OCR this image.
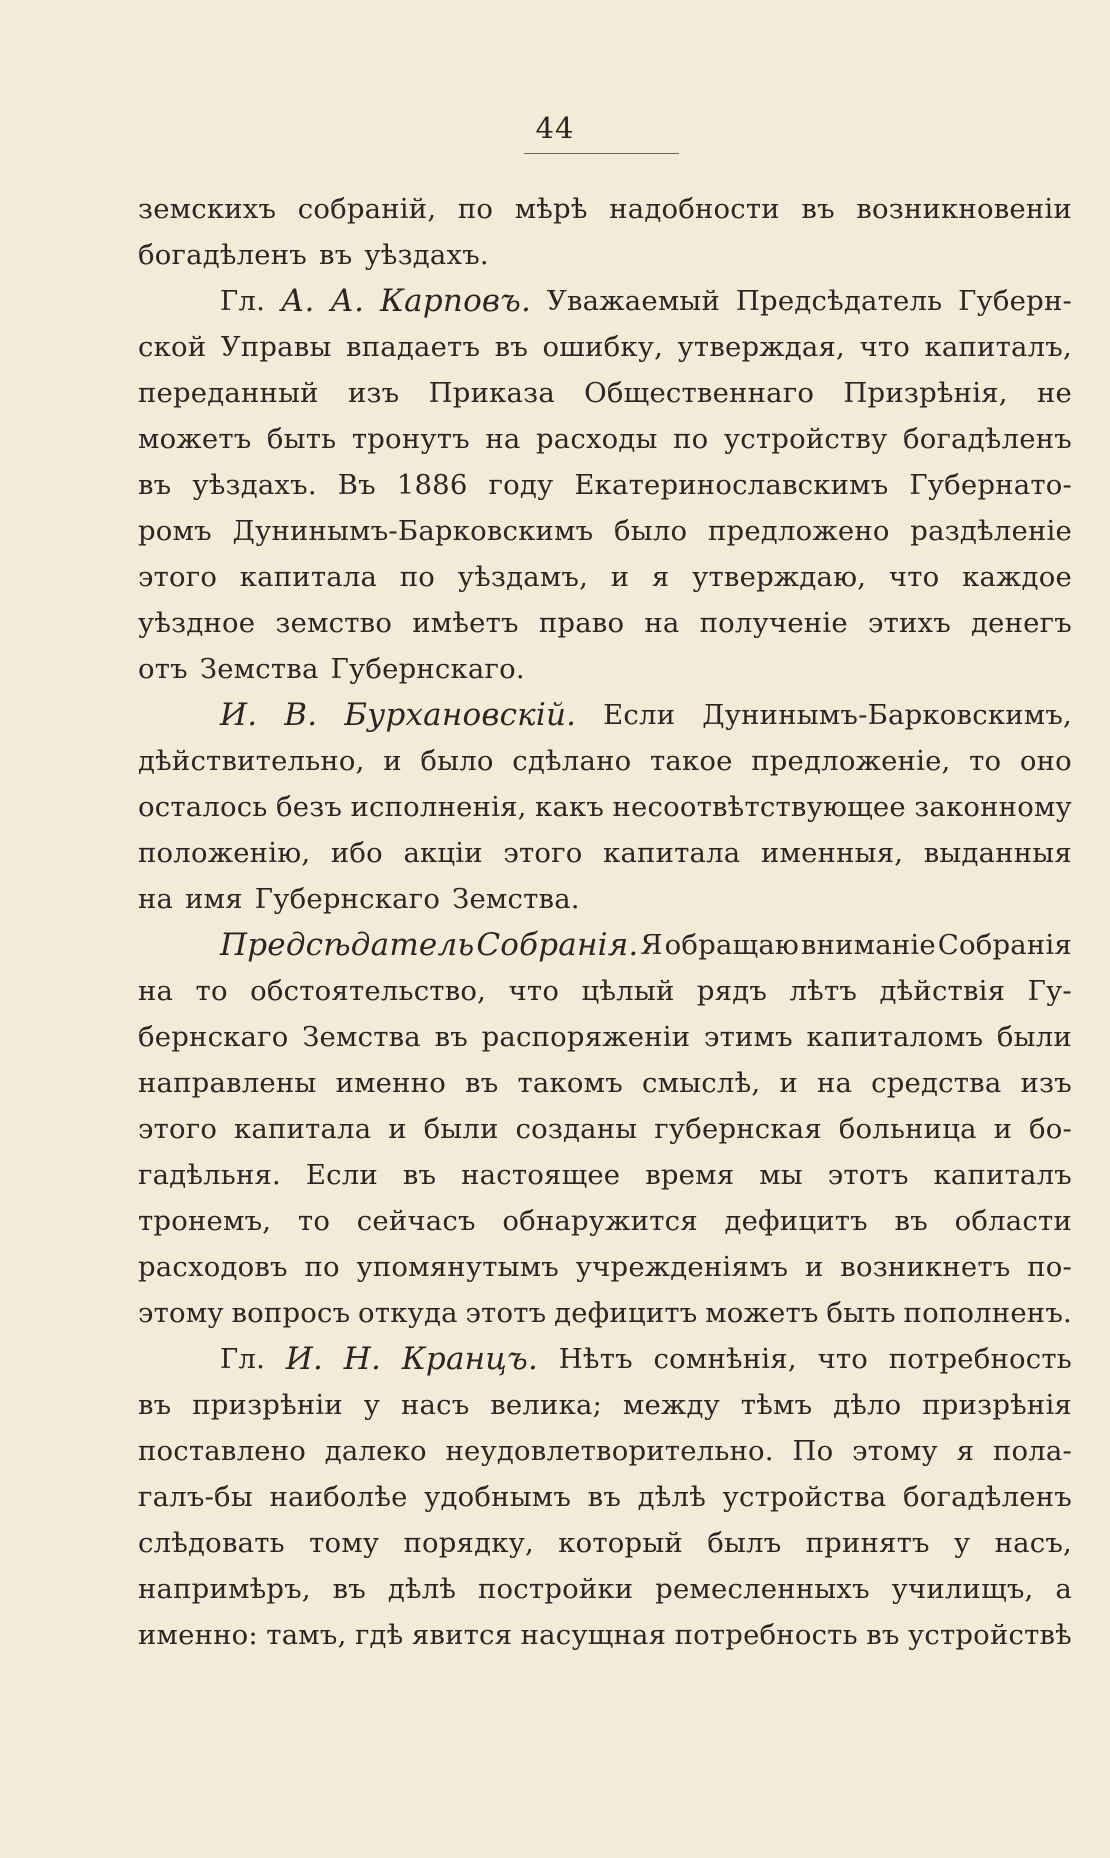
44
земскихъ собраній, по мѣрѣ надобности въ возникновеніи
богадѣленъ въ уѣздахъ.
Гл. А. А. Карповъ. Уважаемый Предсѣдатель Губерн-
ской Управы впадаетъ въ ошибку, утверждая, что капиталъ,
переданный изъ Приказа Общественнаго Призрѣнія, не
можетъ быть тронутъ на расходы по устройству богадѣленъ
въ уѣздахъ. Въ 1886 году Екатеринославскимъ Губернато-
ромъ Дунинымъ-Барковскимъ было предложено раздѣленіе
этого капитала по уѣздамъ, и я утверждаю, что каждое
уѣздное земство имѣетъ право на полученіе этихъ денегъ
отъ Земства Губернскаго.
И. В. Бурхановскій. Если Дунинымъ-Барковскимъ,
дѣйствительно, и было сдѣлано такое предложеніе, то оно
осталось безъ исполненія, какъ несоотвѣтствующее законному
положенію, ибо акціи этого капитала именныя, выданныя
на имя Губернскаго Земства.
Предсѣдатель Собранія. Я обращаю вниманіе Собранія
на то обстоятельство, что цѣлый рядъ лѣтъ дѣйствія Гу-
бернскаго Земства въ распоряженіи этимъ капиталомъ были
направлены именно въ такомъ смыслѣ, и на средства изъ
этого капитала и были созданы губернская больница и бо-
гадѣльня. Если въ настоящее время мы этотъ капиталъ
тронемъ, то сейчасъ обнаружится дефицитъ въ области
расходовъ по упомянутымъ учрежденіямъ и возникнетъ по-
этому вопросъ откуда этотъ дефицитъ можетъ быть пополненъ.
Гл. И. Н. Кранцъ. Нѣтъ сомнѣнія, что потребность
въ призрѣніи у насъ велика; между тѣмъ дѣло призрѣнія
поставлено далеко неудовлетворительно. По этому я пола-
галъ-бы наиболѣе удобнымъ въ дѣлѣ устройства богадѣленъ
слѣдовать тому порядку, который былъ принятъ у насъ,
напримѣръ, въ дѣлѣ постройки ремесленныхъ училищъ, а
именно: тамъ, гдѣ явится насущная потребность въ устройствѣ
